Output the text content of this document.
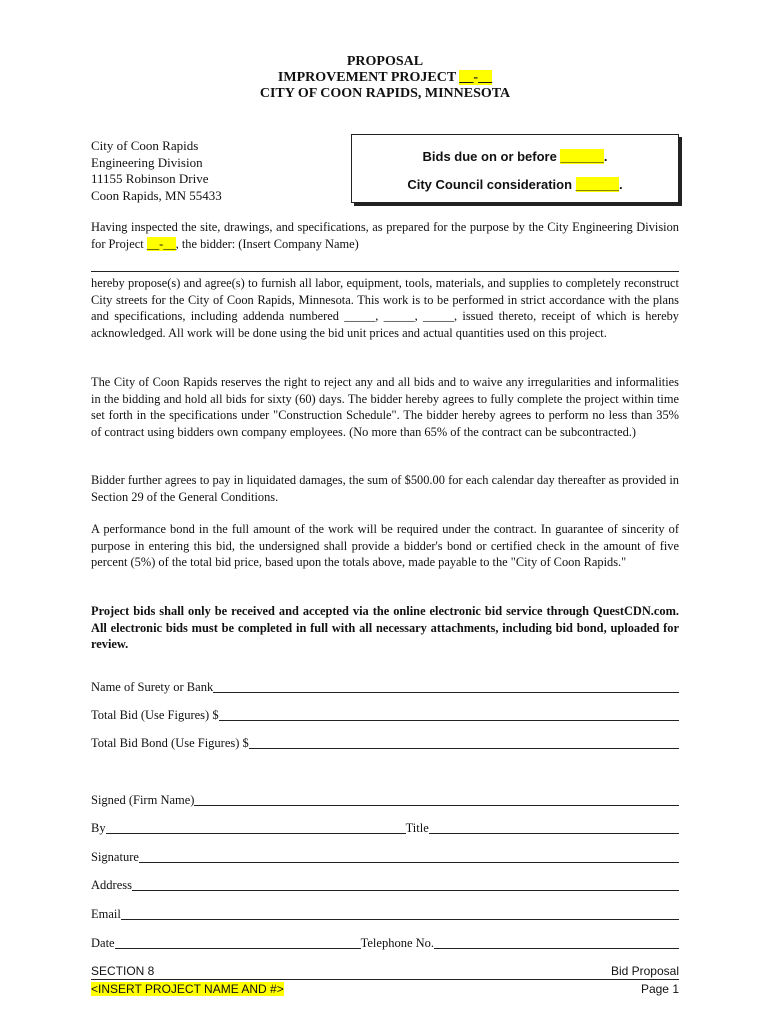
PROPOSAL
IMPROVEMENT PROJECT __-__
CITY OF COON RAPIDS, MINNESOTA
City of Coon Rapids
Engineering Division
11155 Robinson Drive
Coon Rapids, MN 55433
Bids due on or before ______.
City Council consideration ______.
Having inspected the site, drawings, and specifications, as prepared for the purpose by the City Engineering Division for Project __-__, the bidder: (Insert Company Name)
hereby propose(s) and agree(s) to furnish all labor, equipment, tools, materials, and supplies to completely reconstruct City streets for the City of Coon Rapids, Minnesota. This work is to be performed in strict accordance with the plans and specifications, including addenda numbered _____, _____, _____, issued thereto, receipt of which is hereby acknowledged. All work will be done using the bid unit prices and actual quantities used on this project.
The City of Coon Rapids reserves the right to reject any and all bids and to waive any irregularities and informalities in the bidding and hold all bids for sixty (60) days. The bidder hereby agrees to fully complete the project within time set forth in the specifications under "Construction Schedule". The bidder hereby agrees to perform no less than 35% of contract using bidders own company employees. (No more than 65% of the contract can be subcontracted.)
Bidder further agrees to pay in liquidated damages, the sum of $500.00 for each calendar day thereafter as provided in Section 29 of the General Conditions.
A performance bond in the full amount of the work will be required under the contract. In guarantee of sincerity of purpose in entering this bid, the undersigned shall provide a bidder's bond or certified check in the amount of five percent (5%) of the total bid price, based upon the totals above, made payable to the "City of Coon Rapids."
Project bids shall only be received and accepted via the online electronic bid service through QuestCDN.com. All electronic bids must be completed in full with all necessary attachments, including bid bond, uploaded for review.
Name of Surety or Bank
Total Bid (Use Figures) $
Total Bid Bond (Use Figures) $
Signed (Firm Name)
By	Title
Signature
Address
Email
Date	Telephone No.
SECTION 8	Bid Proposal
<INSERT PROJECT NAME AND #>	Page 1
